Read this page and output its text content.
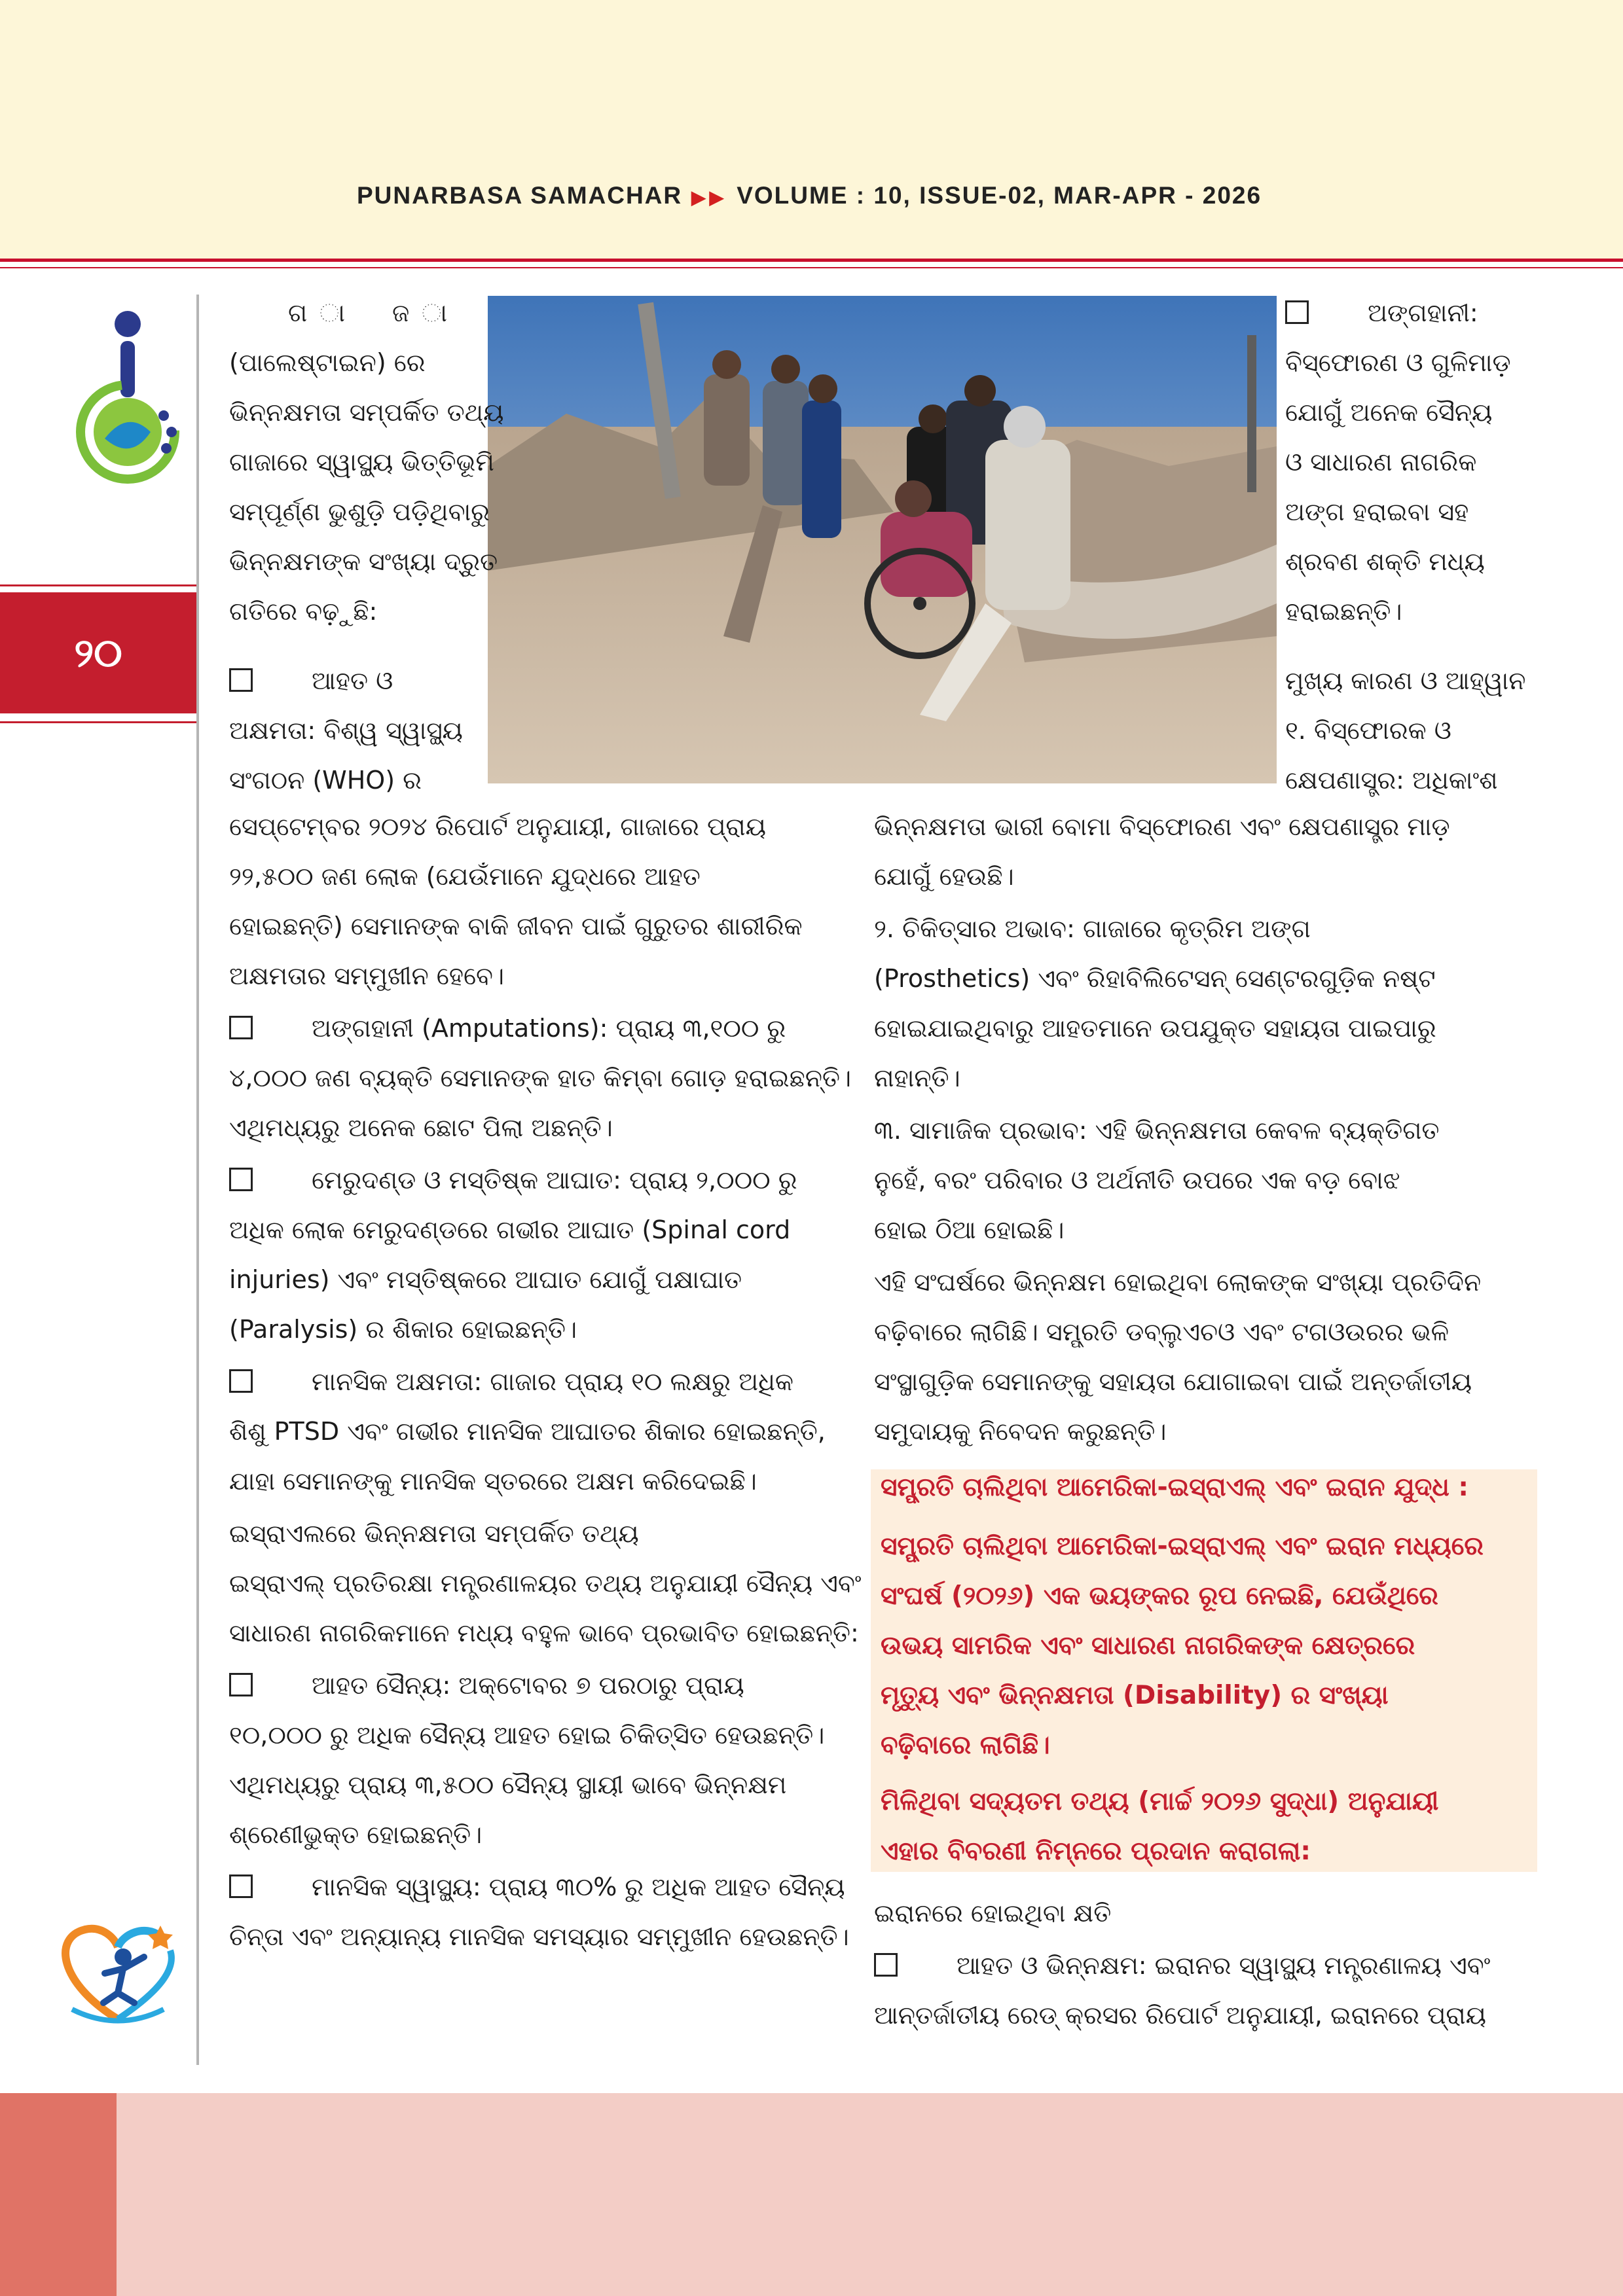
PUNARBASA SAMACHAR ▶▶ VOLUME : 10, ISSUE-02, MAR-APR - 2026
୨୦
ଗ ା ଜ ା
(ପାଲେଷ୍ଟାଇନ) ରେ
ଭିନ୍ନକ୍ଷମତା ସମ୍ପର୍କିତ ତଥ୍ୟ
ଗାଜାରେ ସ୍ୱାସ୍ଥ୍ୟ ଭିତ୍ତିଭୂମି
ସମ୍ପୂର୍ଣ୍ଣ ଭୁଶୁଡ଼ି ପଡ଼ିଥିବାରୁ
ଭିନ୍ନକ୍ଷମଙ୍କ ସଂଖ୍ୟା ଦ୍ରୁତ
ଗତିରେ ବଢ଼ୁଛି:
ଆହତ ଓ
ଅକ୍ଷମତା: ବିଶ୍ୱ ସ୍ୱାସ୍ଥ୍ୟ
ସଂଗଠନ (WHO) ର
ଅଙ୍ଗହାନୀ:
ବିସ୍ଫୋରଣ ଓ ଗୁଳିମାଡ଼
ଯୋଗୁଁ ଅନେକ ସୈନ୍ୟ
ଓ ସାଧାରଣ ନାଗରିକ
ଅଙ୍ଗ ହରାଇବା ସହ
ଶ୍ରବଣ ଶକ୍ତି ମଧ୍ୟ
ହରାଇଛନ୍ତି।
ମୁଖ୍ୟ କାରଣ ଓ ଆହ୍ୱାନ
୧. ବିସ୍ଫୋରକ ଓ
କ୍ଷେପଣାସ୍ତ୍ର: ଅଧିକାଂଶ
ସେପ୍ଟେମ୍ବର ୨୦୨୪ ରିପୋର୍ଟ ଅନୁଯାୟୀ, ଗାଜାରେ ପ୍ରାୟ
୨୨,୫୦୦ ଜଣ ଲୋକ (ଯେଉଁମାନେ ଯୁଦ୍ଧରେ ଆହତ
ହୋଇଛନ୍ତି) ସେମାନଙ୍କ ବାକି ଜୀବନ ପାଇଁ ଗୁରୁତର ଶାରୀରିକ
ଅକ୍ଷମତାର ସମ୍ମୁଖୀନ ହେବେ।
ଅଙ୍ଗହାନୀ (Amputations): ପ୍ରାୟ ୩,୧୦୦ ରୁ
୪,୦୦୦ ଜଣ ବ୍ୟକ୍ତି ସେମାନଙ୍କ ହାତ କିମ୍ବା ଗୋଡ଼ ହରାଇଛନ୍ତି।
ଏଥିମଧ୍ୟରୁ ଅନେକ ଛୋଟ ପିଲା ଅଛନ୍ତି।
ମେରୁଦଣ୍ଡ ଓ ମସ୍ତିଷ୍କ ଆଘାତ: ପ୍ରାୟ ୨,୦୦୦ ରୁ
ଅଧିକ ଲୋକ ମେରୁଦଣ୍ଡରେ ଗଭୀର ଆଘାତ (Spinal cord
injuries) ଏବଂ ମସ୍ତିଷ୍କରେ ଆଘାତ ଯୋଗୁଁ ପକ୍ଷାଘାତ
(Paralysis) ର ଶିକାର ହୋଇଛନ୍ତି।
ମାନସିକ ଅକ୍ଷମତା: ଗାଜାର ପ୍ରାୟ ୧୦ ଲକ୍ଷରୁ ଅଧିକ
ଶିଶୁ PTSD ଏବଂ ଗଭୀର ମାନସିକ ଆଘାତର ଶିକାର ହୋଇଛନ୍ତି,
ଯାହା ସେମାନଙ୍କୁ ମାନସିକ ସ୍ତରରେ ଅକ୍ଷମ କରିଦେଇଛି।
ଇସ୍ରାଏଲରେ ଭିନ୍ନକ୍ଷମତା ସମ୍ପର୍କିତ ତଥ୍ୟ
ଇସ୍ରାଏଲ୍ ପ୍ରତିରକ୍ଷା ମନ୍ତ୍ରଣାଳୟର ତଥ୍ୟ ଅନୁଯାୟୀ ସୈନ୍ୟ ଏବଂ
ସାଧାରଣ ନାଗରିକମାନେ ମଧ୍ୟ ବହୁଳ ଭାବେ ପ୍ରଭାବିତ ହୋଇଛନ୍ତି:
ଆହତ ସୈନ୍ୟ: ଅକ୍ଟୋବର ୭ ପରଠାରୁ ପ୍ରାୟ
୧୦,୦୦୦ ରୁ ଅଧିକ ସୈନ୍ୟ ଆହତ ହୋଇ ଚିକିତ୍ସିତ ହେଉଛନ୍ତି।
ଏଥିମଧ୍ୟରୁ ପ୍ରାୟ ୩,୫୦୦ ସୈନ୍ୟ ସ୍ଥାୟୀ ଭାବେ ଭିନ୍ନକ୍ଷମ
ଶ୍ରେଣୀଭୁକ୍ତ ହୋଇଛନ୍ତି।
ମାନସିକ ସ୍ୱାସ୍ଥ୍ୟ: ପ୍ରାୟ ୩୦% ରୁ ଅଧିକ ଆହତ ସୈନ୍ୟ
ଚିନ୍ତା ଏବଂ ଅନ୍ୟାନ୍ୟ ମାନସିକ ସମସ୍ୟାର ସମ୍ମୁଖୀନ ହେଉଛନ୍ତି।
ଭିନ୍ନକ୍ଷମତା ଭାରୀ ବୋମା ବିସ୍ଫୋରଣ ଏବଂ କ୍ଷେପଣାସ୍ତ୍ର ମାଡ଼
ଯୋଗୁଁ ହେଉଛି।
୨. ଚିକିତ୍ସାର ଅଭାବ: ଗାଜାରେ କୃତ୍ରିମ ଅଙ୍ଗ
(Prosthetics) ଏବଂ ରିହାବିଲିଟେସନ୍ ସେଣ୍ଟରଗୁଡ଼ିକ ନଷ୍ଟ
ହୋଇଯାଇଥିବାରୁ ଆହତମାନେ ଉପଯୁକ୍ତ ସହାୟତା ପାଇପାରୁ
ନାହାନ୍ତି।
୩. ସାମାଜିକ ପ୍ରଭାବ: ଏହି ଭିନ୍ନକ୍ଷମତା କେବଳ ବ୍ୟକ୍ତିଗତ
ନୁହେଁ, ବରଂ ପରିବାର ଓ ଅର୍ଥନୀତି ଉପରେ ଏକ ବଡ଼ ବୋଝ
ହୋଇ ଠିଆ ହୋଇଛି।
ଏହି ସଂଘର୍ଷରେ ଭିନ୍ନକ୍ଷମ ହୋଇଥିବା ଲୋକଙ୍କ ସଂଖ୍ୟା ପ୍ରତିଦିନ
ବଢ଼ିବାରେ ଲାଗିଛି। ସମ୍ପ୍ରତି ଡବ୍ଲୁଏଚଓ ଏବଂ ଟଗଓଉରର ଭଳି
ସଂସ୍ଥାଗୁଡ଼ିକ ସେମାନଙ୍କୁ ସହାୟତା ଯୋଗାଇବା ପାଇଁ ଅନ୍ତର୍ଜାତୀୟ
ସମୁଦାୟକୁ ନିବେଦନ କରୁଛନ୍ତି।
ସମ୍ପ୍ରତି ଚାଲିଥିବା ଆମେରିକା-ଇସ୍ରାଏଲ୍ ଏବଂ ଇରାନ ଯୁଦ୍ଧ :
ସମ୍ପ୍ରତି ଚାଲିଥିବା ଆମେରିକା-ଇସ୍ରାଏଲ୍ ଏବଂ ଇରାନ ମଧ୍ୟରେ
ସଂଘର୍ଷ (୨୦୨୬) ଏକ ଭୟଙ୍କର ରୂପ ନେଇଛି, ଯେଉଁଥିରେ
ଉଭୟ ସାମରିକ ଏବଂ ସାଧାରଣ ନାଗରିକଙ୍କ କ୍ଷେତ୍ରରେ
ମୃତ୍ୟୁ ଏବଂ ଭିନ୍ନକ୍ଷମତା (Disability) ର ସଂଖ୍ୟା
ବଢ଼ିବାରେ ଲାଗିଛି।
ମିଳିଥିବା ସଦ୍ୟତମ ତଥ୍ୟ (ମାର୍ଚ୍ଚ ୨୦୨୬ ସୁଦ୍ଧା) ଅନୁଯାୟୀ
ଏହାର ବିବରଣୀ ନିମ୍ନରେ ପ୍ରଦାନ କରାଗଲା:
ଇରାନରେ ହୋଇଥିବା କ୍ଷତି
ଆହତ ଓ ଭିନ୍ନକ୍ଷମ: ଇରାନର ସ୍ୱାସ୍ଥ୍ୟ ମନ୍ତ୍ରଣାଳୟ ଏବଂ
ଆନ୍ତର୍ଜାତୀୟ ରେଡ୍ କ୍ରସର ରିପୋର୍ଟ ଅନୁଯାୟୀ, ଇରାନରେ ପ୍ରାୟ
